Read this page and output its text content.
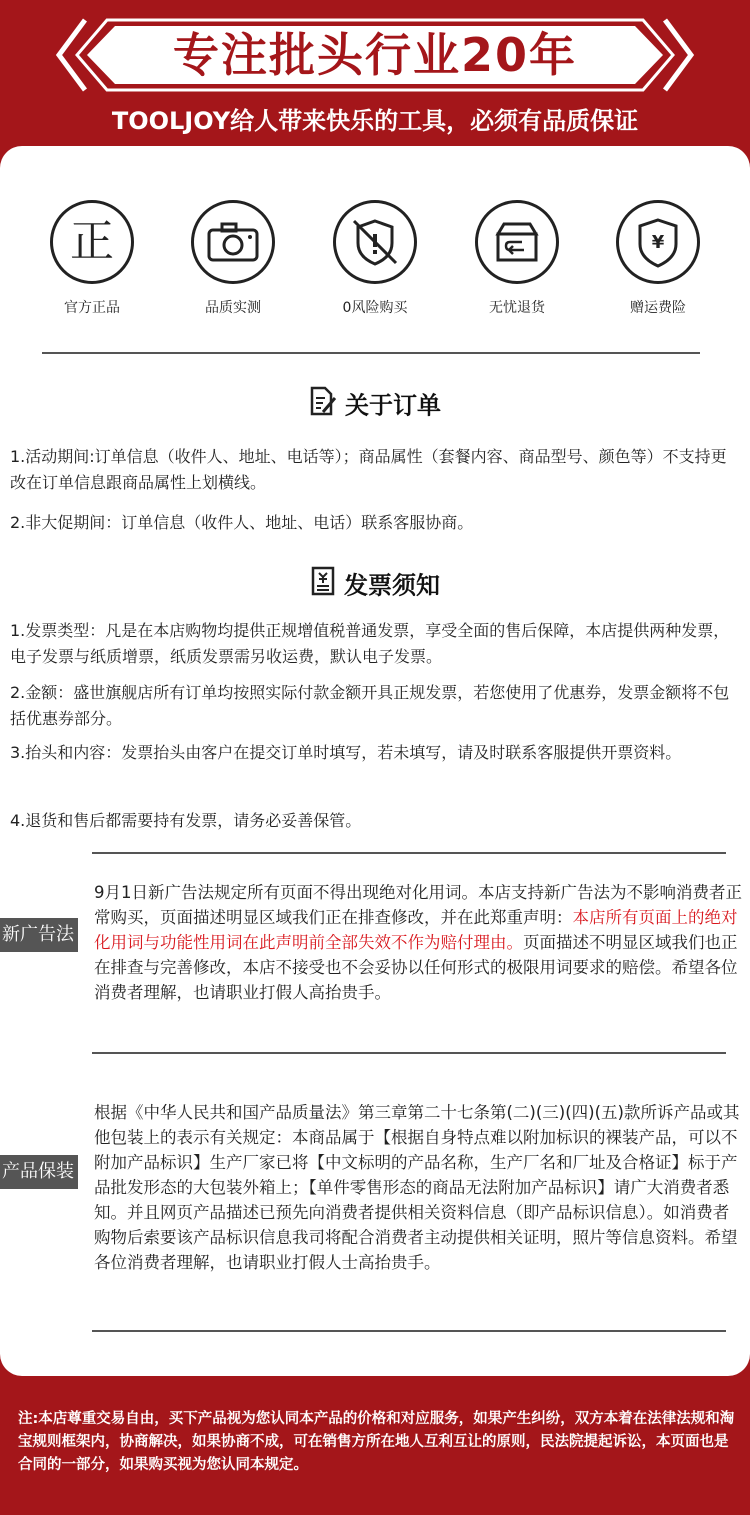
专注批头行业20年
TOOLJOY给人带来快乐的工具，必须有品质保证
正
官方正品	品质实测	0风险购买	无忧退货
¥
赠运费险
关于订单
1.活动期间:订单信息（收件人、地址、电话等）；商品属性（套餐内容、商品型号、颜色等）不支持更改在订单信息跟商品属性上划横线。
2.非大促期间：订单信息（收件人、地址、电话）联系客服协商。
发票须知
1.发票类型：凡是在本店购物均提供正规增值税普通发票，享受全面的售后保障，本店提供两种发票，电子发票与纸质增票，纸质发票需另收运费，默认电子发票。
2.金额：盛世旗舰店所有订单均按照实际付款金额开具正规发票，若您使用了优惠券，发票金额将不包括优惠券部分。
3.抬头和内容：发票抬头由客户在提交订单时填写，若未填写，请及时联系客服提供开票资料。
4.退货和售后都需要持有发票，请务必妥善保管。
新广告法
9月1日新广告法规定所有页面不得出现绝对化用词。本店支持新广告法为不影响消费者正常购买，页面描述明显区域我们正在排查修改，并在此郑重声明：本店所有页面上的绝对化用词与功能性用词在此声明前全部失效不作为赔付理由。页面描述不明显区域我们也正在排查与完善修改，本店不接受也不会妥协以任何形式的极限用词要求的赔偿。希望各位消费者理解，也请职业打假人高抬贵手。
产品保装
根据《中华人民共和国产品质量法》第三章第二十七条第(二)(三)(四)(五)款所诉产品或其他包装上的表示有关规定：本商品属于【根据自身特点难以附加标识的裸装产品，可以不附加产品标识】生产厂家已将【中文标明的产品名称，生产厂名和厂址及合格证】标于产品批发形态的大包装外箱上；【单件零售形态的商品无法附加产品标识】请广大消费者悉知。并且网页产品描述已预先向消费者提供相关资料信息（即产品标识信息）。如消费者购物后索要该产品标识信息我司将配合消费者主动提供相关证明，照片等信息资料。希望各位消费者理解，也请职业打假人士高抬贵手。
注:本店尊重交易自由，买下产品视为您认同本产品的价格和对应服务，如果产生纠纷，双方本着在法律法规和淘宝规则框架内，协商解决，如果协商不成，可在销售方所在地人互利互让的原则，民法院提起诉讼，本页面也是合同的一部分，如果购买视为您认同本规定。
